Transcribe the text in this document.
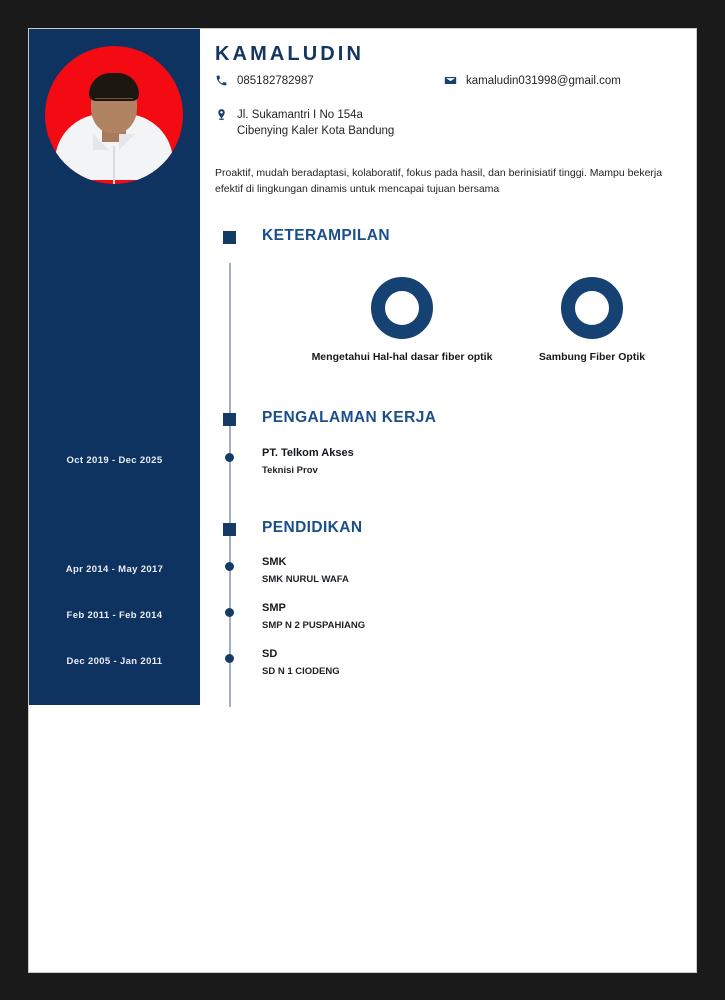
Oct 2019 - Dec 2025
Apr 2014 - May 2017
Feb 2011 - Feb 2014
Dec 2005 - Jan 2011
KAMALUDIN
085182782987	kamaludin031998@gmail.com
Jl. Sukamantri I No 154a
Cibenying Kaler Kota Bandung
Proaktif, mudah beradaptasi, kolaboratif, fokus pada hasil, dan berinisiatif tinggi. Mampu bekerja efektif di lingkungan dinamis untuk mencapai tujuan bersama
KETERAMPILAN
Mengetahui Hal-hal dasar fiber optik	Sambung Fiber Optik
PENGALAMAN KERJA
PT. Telkom Akses
Teknisi Prov
PENDIDIKAN
SMK
SMK NURUL WAFA
SMP
SMP N 2 PUSPAHIANG
SD
SD N 1 CIODENG
